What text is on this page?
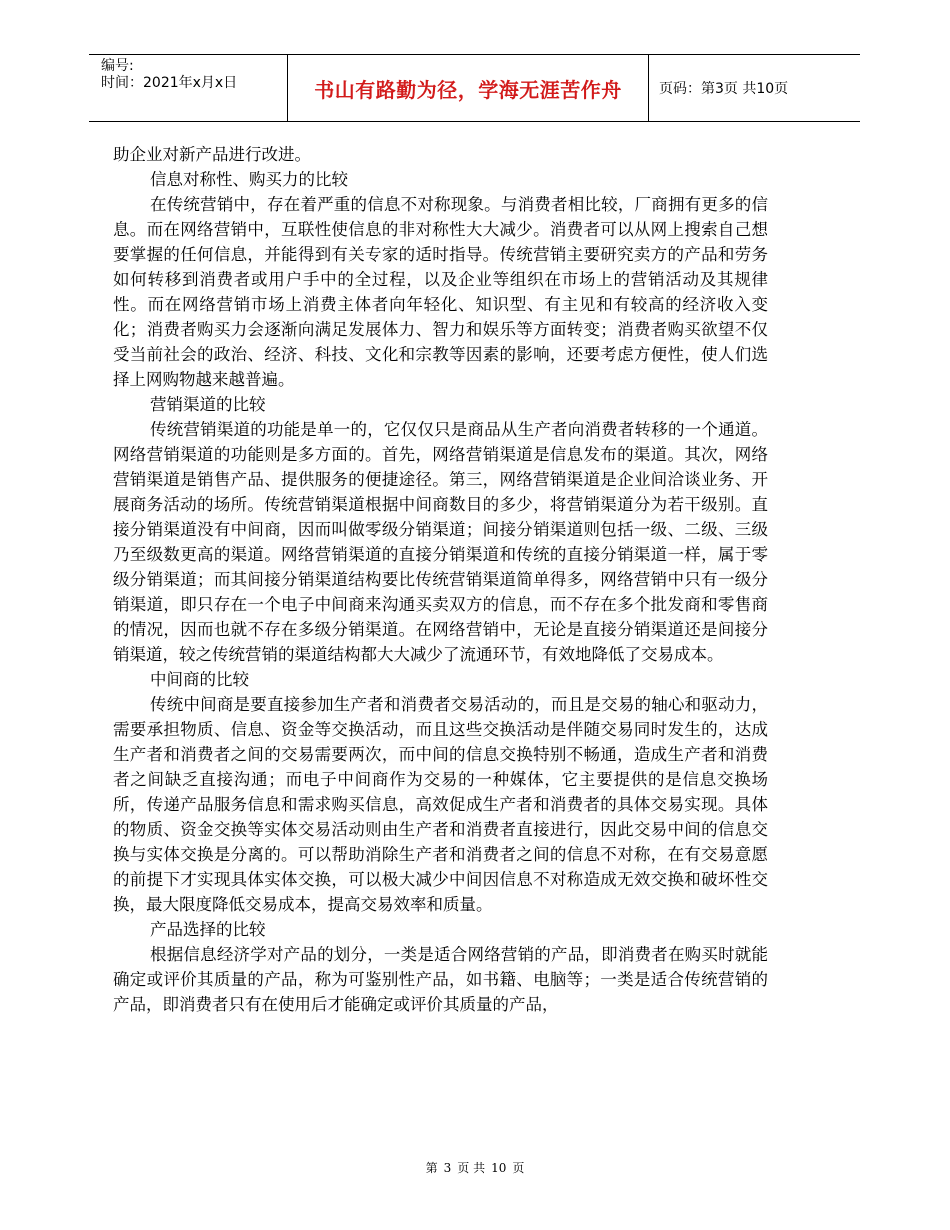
编号:
时间：2021年x月x日	书山有路勤为径，学海无涯苦作舟	页码：第3页 共10页

助企业对新产品进行改进。

信息对称性、购买力的比较

在传统营销中，存在着严重的信息不对称现象。与消费者相比较，厂商拥有更多的信息。而在网络营销中，互联性使信息的非对称性大大减少。消费者可以从网上搜索自己想要掌握的任何信息，并能得到有关专家的适时指导。传统营销主要研究卖方的产品和劳务如何转移到消费者或用户手中的全过程，以及企业等组织在市场上的营销活动及其规律性。而在网络营销市场上消费主体者向年轻化、知识型、有主见和有较高的经济收入变化；消费者购买力会逐渐向满足发展体力、智力和娱乐等方面转变；消费者购买欲望不仅受当前社会的政治、经济、科技、文化和宗教等因素的影响，还要考虑方便性，使人们选择上网购物越来越普遍。

营销渠道的比较

传统营销渠道的功能是单一的，它仅仅只是商品从生产者向消费者转移的一个通道。网络营销渠道的功能则是多方面的。首先，网络营销渠道是信息发布的渠道。其次，网络营销渠道是销售产品、提供服务的便捷途径。第三，网络营销渠道是企业间洽谈业务、开展商务活动的场所。传统营销渠道根据中间商数目的多少，将营销渠道分为若干级别。直接分销渠道没有中间商，因而叫做零级分销渠道；间接分销渠道则包括一级、二级、三级乃至级数更高的渠道。网络营销渠道的直接分销渠道和传统的直接分销渠道一样，属于零级分销渠道；而其间接分销渠道结构要比传统营销渠道简单得多，网络营销中只有一级分销渠道，即只存在一个电子中间商来沟通买卖双方的信息，而不存在多个批发商和零售商的情况，因而也就不存在多级分销渠道。在网络营销中，无论是直接分销渠道还是间接分销渠道，较之传统营销的渠道结构都大大减少了流通环节，有效地降低了交易成本。

中间商的比较

传统中间商是要直接参加生产者和消费者交易活动的，而且是交易的轴心和驱动力，需要承担物质、信息、资金等交换活动，而且这些交换活动是伴随交易同时发生的，达成生产者和消费者之间的交易需要两次，而中间的信息交换特别不畅通，造成生产者和消费者之间缺乏直接沟通；而电子中间商作为交易的一种媒体，它主要提供的是信息交换场所，传递产品服务信息和需求购买信息，高效促成生产者和消费者的具体交易实现。具体的物质、资金交换等实体交易活动则由生产者和消费者直接进行，因此交易中间的信息交换与实体交换是分离的。可以帮助消除生产者和消费者之间的信息不对称，在有交易意愿的前提下才实现具体实体交换，可以极大减少中间因信息不对称造成无效交换和破坏性交换，最大限度降低交易成本，提高交易效率和质量。

产品选择的比较

根据信息经济学对产品的划分，一类是适合网络营销的产品，即消费者在购买时就能确定或评价其质量的产品，称为可鉴别性产品，如书籍、电脑等；一类是适合传统营销的产品，即消费者只有在使用后才能确定或评价其质量的产品，

第 3 页 共 10 页
